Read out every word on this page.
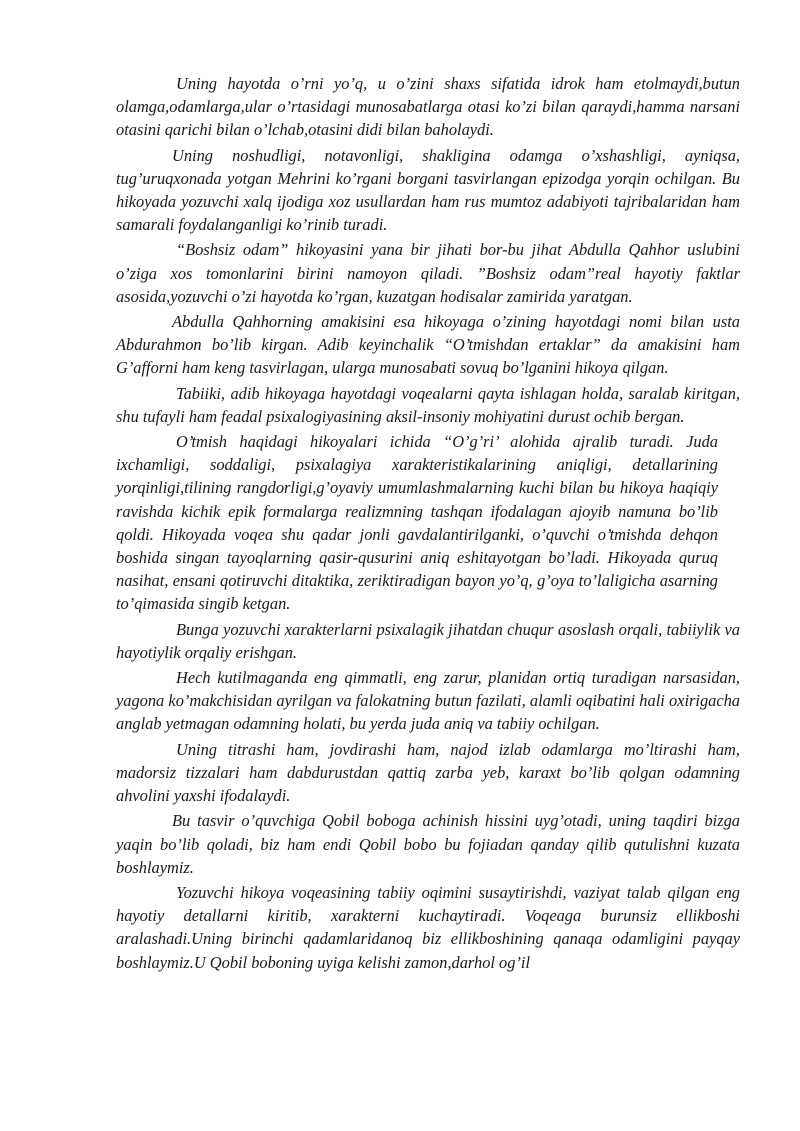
Uning hayotda o’rni yo’q, u o’zini shaxs sifatida idrok ham etolmaydi,butun olamga,odamlarga,ular o’rtasidagi munosabatlarga otasi ko’zi bilan qaraydi,hamma narsani otasini qarichi bilan o’lchab,otasini didi bilan baholaydi.

Uning noshudligi, notavonligi, shakligina odamga o’xshashligi, ayniqsa, tug’uruqxonada yotgan Mehrini ko’rgani borgani tasvirlangan epizodga yorqin ochilgan. Bu hikoyada yozuvchi xalq ijodiga xoz usullardan ham rus mumtoz adabiyoti tajribalaridan ham samarali foydalanganligi ko’rinib turadi.

“Boshsiz odam” hikoyasini yana bir jihati bor-bu jihat Abdulla Qahhor uslubini o’ziga xos tomonlarini birini namoyon qiladi. ”Boshsiz odam”real hayotiy faktlar asosida,yozuvchi o’zi hayotda ko’rgan, kuzatgan hodisalar zamirida yaratgan.

Abdulla Qahhorning amakisini esa hikoyaga o’zining hayotdagi nomi bilan usta Abdurahmon bo’lib kirgan. Adib keyinchalik “O’tmishdan ertaklar” da amakisini ham G’afforni ham keng tasvirlagan, ularga munosabati sovuq bo’lganini hikoya qilgan.

Tabiiki, adib hikoyaga hayotdagi voqealarni qayta ishlagan holda, saralab kiritgan, shu tufayli ham feadal psixalogiyasining aksil-insoniy mohiyatini durust ochib bergan.

O’tmish haqidagi hikoyalari ichida “O’g’ri’ alohida ajralib turadi. Juda ixchamligi, soddaligi, psixalagiya xarakteristikalarining aniqligi, detallarining yorqinligi,tilining rangdorligi,g’oyaviy umumlashmalarning kuchi bilan bu hikoya haqiqiy ravishda kichik epik formalarga realizmning tashqan ifodalagan ajoyib namuna bo’lib qoldi. Hikoyada voqea shu qadar jonli gavdalantirilganki, o’quvchi o’tmishda dehqon boshida singan tayoqlarning qasir-qusurini aniq eshitayotgan bo’ladi. Hikoyada quruq nasihat, ensani qotiruvchi ditaktika, zeriktiradigan bayon yo’q, g’oya to’laligicha asarning to’qimasida singib ketgan.

Bunga yozuvchi xarakterlarni psixalagik jihatdan chuqur asoslash orqali, tabiiylik va hayotiylik orqaliy erishgan.

Hech kutilmaganda eng qimmatli, eng zarur, planidan ortiq turadigan narsasidan, yagona ko’makchisidan ayrilgan va falokatning butun fazilati, alamli oqibatini hali oxirigacha anglab yetmagan odamning holati, bu yerda juda aniq va tabiiy ochilgan.

Uning titrashi ham, jovdirashi ham, najod izlab odamlarga mo’ltirashi ham, madorsiz tizzalari ham dabdurustdan qattiq zarba yeb, karaxt bo’lib qolgan odamning ahvolini yaxshi ifodalaydi.

Bu tasvir o’quvchiga Qobil boboga achinish hissini uyg’otadi, uning taqdiri bizga yaqin bo’lib qoladi, biz ham endi Qobil bobo bu fojiadan qanday qilib qutulishni kuzata boshlaymiz.

Yozuvchi hikoya voqeasining tabiiy oqimini susaytirishdi, vaziyat talab qilgan eng hayotiy detallarni kiritib, xarakterni kuchaytiradi. Voqeaga burunsiz ellikboshi aralashadi.Uning birinchi qadamlaridanoq biz ellikboshining qanaqa odamligini payqay boshlaymiz.U Qobil boboning uyiga kelishi zamon,darhol og’il
